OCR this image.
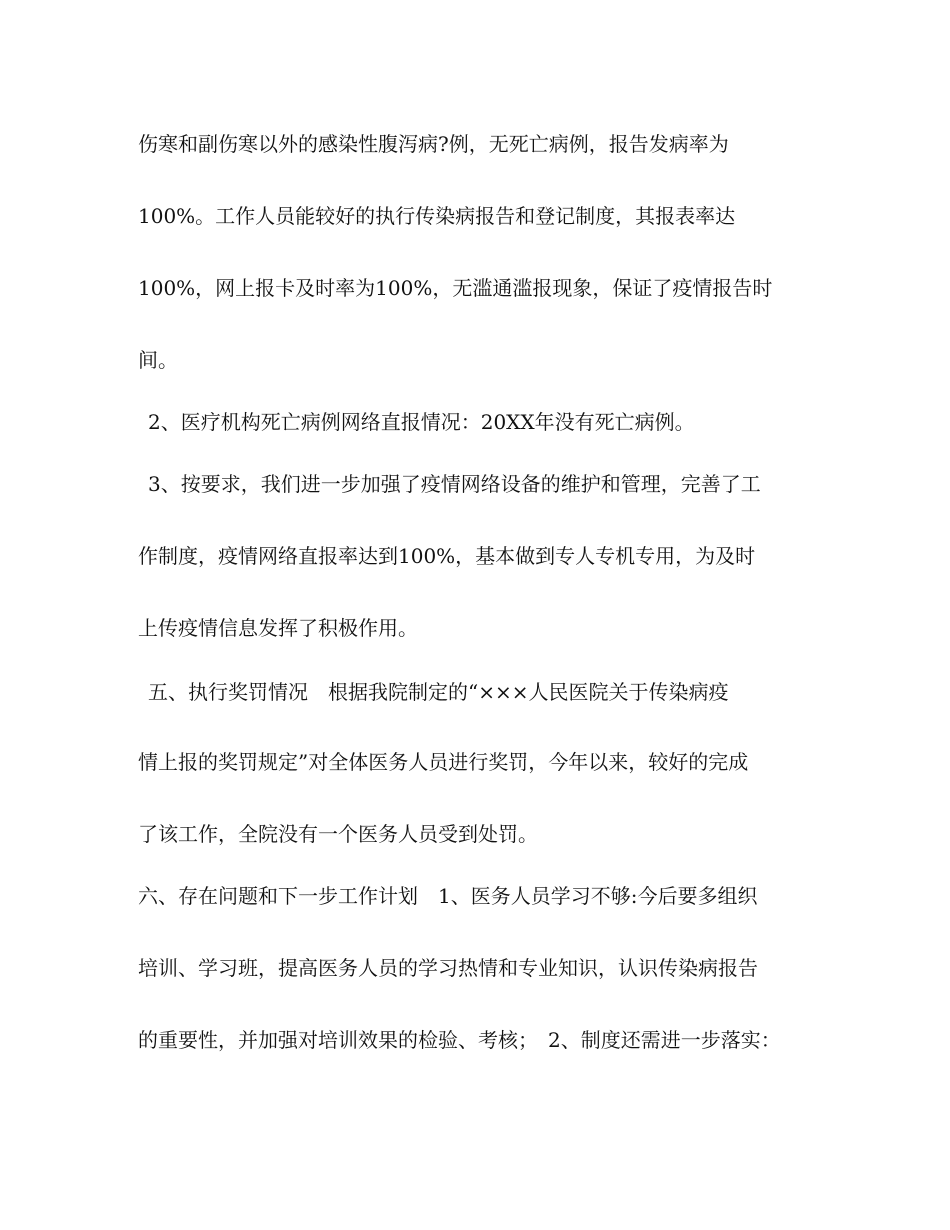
伤寒和副伤寒以外的感染性腹泻病?例，无死亡病例，报告发病率为
100%。工作人员能较好的执行传染病报告和登记制度，其报表率达
100%，网上报卡及时率为100%，无滥通滥报现象，保证了疫情报告时
间。
2、医疗机构死亡病例网络直报情况：20XX年没有死亡病例。
3、按要求，我们进一步加强了疫情网络设备的维护和管理，完善了工
作制度，疫情网络直报率达到100%，基本做到专人专机专用，为及时
上传疫情信息发挥了积极作用。
五、执行奖罚情况　根据我院制定的“×××人民医院关于传染病疫
情上报的奖罚规定”对全体医务人员进行奖罚，今年以来，较好的完成
了该工作，全院没有一个医务人员受到处罚。
六、存在问题和下一步工作计划　1、医务人员学习不够:今后要多组织
培训、学习班，提高医务人员的学习热情和专业知识，认识传染病报告
的重要性，并加强对培训效果的检验、考核；　2、制度还需进一步落实：
